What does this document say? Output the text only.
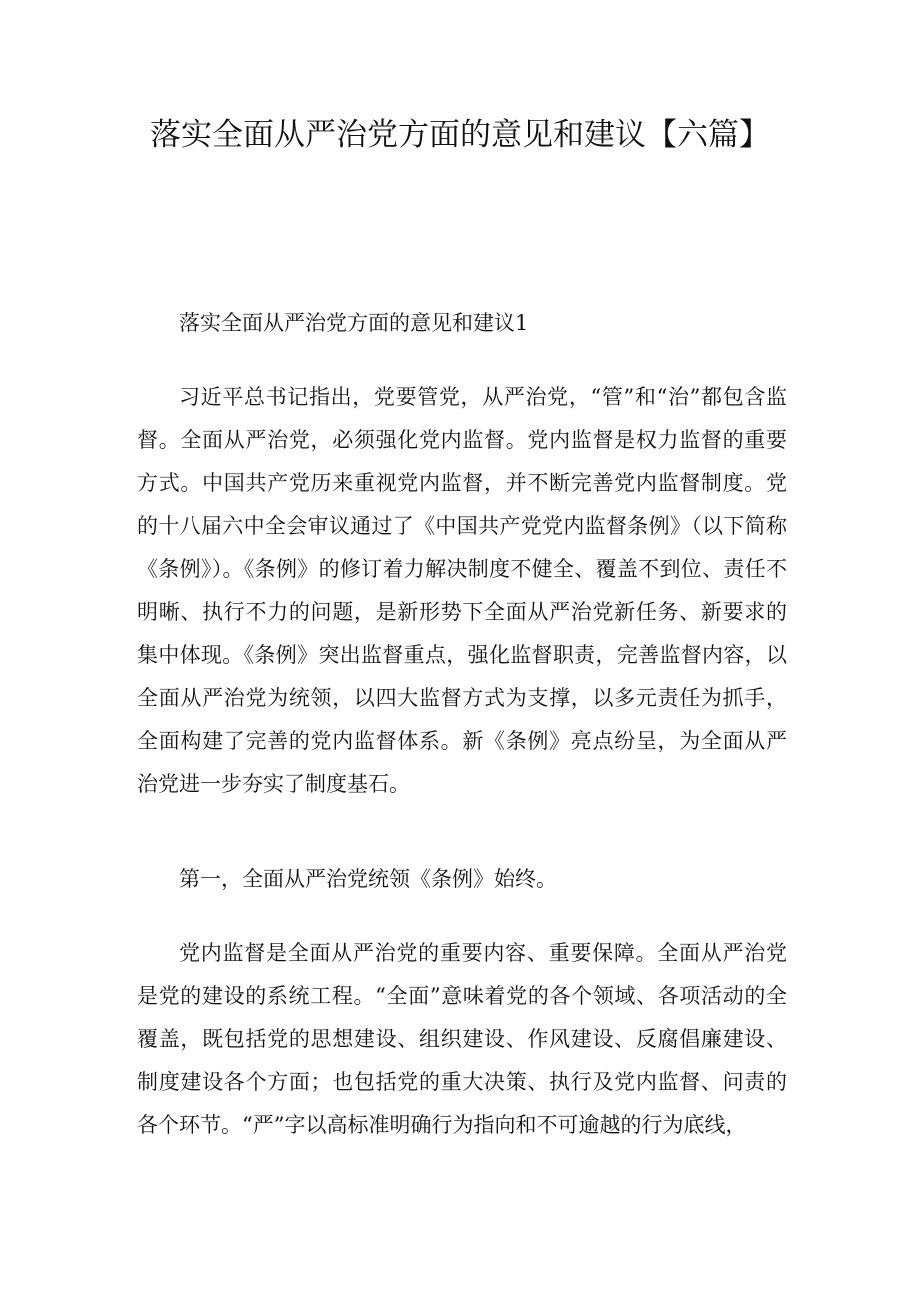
落实全面从严治党方面的意见和建议【六篇】

落实全面从严治党方面的意见和建议1

习近平总书记指出，党要管党，从严治党，“管”和“治”都包含监督。全面从严治党，必须强化党内监督。党内监督是权力监督的重要方式。中国共产党历来重视党内监督，并不断完善党内监督制度。党的十八届六中全会审议通过了《中国共产党党内监督条例》（以下简称《条例》）。《条例》的修订着力解决制度不健全、覆盖不到位、责任不明晰、执行不力的问题，是新形势下全面从严治党新任务、新要求的集中体现。《条例》突出监督重点，强化监督职责，完善监督内容，以全面从严治党为统领，以四大监督方式为支撑，以多元责任为抓手，全面构建了完善的党内监督体系。新《条例》亮点纷呈，为全面从严治党进一步夯实了制度基石。

第一，全面从严治党统领《条例》始终。

党内监督是全面从严治党的重要内容、重要保障。全面从严治党是党的建设的系统工程。“全面”意味着党的各个领域、各项活动的全覆盖，既包括党的思想建设、组织建设、作风建设、反腐倡廉建设、制度建设各个方面；也包括党的重大决策、执行及党内监督、问责的各个环节。“严”字以高标准明确行为指向和不可逾越的行为底线，
